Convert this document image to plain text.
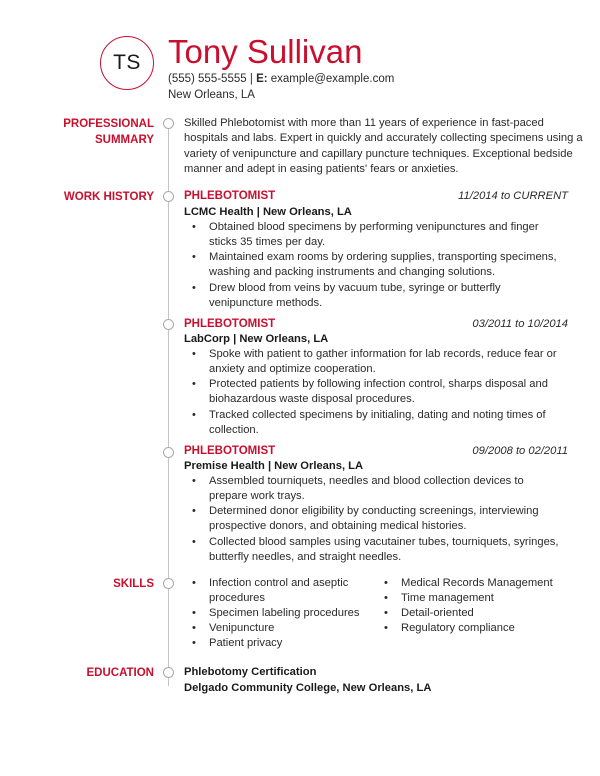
TS Tony Sullivan
(555) 555-5555 | E: example@example.com
New Orleans, LA
PROFESSIONAL
SUMMARY
Skilled Phlebotomist with more than 11 years of experience in fast-paced
hospitals and labs. Expert in quickly and accurately collecting specimens using a
variety of venipuncture and capillary puncture techniques. Exceptional bedside
manner and adept in easing patients' fears or anxieties.
WORK HISTORY	PHLEBOTOMIST	11/2014 to CURRENT
LCMC Health | New Orleans, LA
• Obtained blood specimens by performing venipunctures and finger sticks 35 times per day.
• Maintained exam rooms by ordering supplies, transporting specimens, washing and packing instruments and changing solutions.
• Drew blood from veins by vacuum tube, syringe or butterfly venipuncture methods.
PHLEBOTOMIST	03/2011 to 10/2014
LabCorp | New Orleans, LA
• Spoke with patient to gather information for lab records, reduce fear or anxiety and optimize cooperation.
• Protected patients by following infection control, sharps disposal and biohazardous waste disposal procedures.
• Tracked collected specimens by initialing, dating and noting times of collection.
PHLEBOTOMIST	09/2008 to 02/2011
Premise Health | New Orleans, LA
• Assembled tourniquets, needles and blood collection devices to prepare work trays.
• Determined donor eligibility by conducting screenings, interviewing prospective donors, and obtaining medical histories.
• Collected blood samples using vacutainer tubes, tourniquets, syringes, butterfly needles, and straight needles.
SKILLS	• Infection control and aseptic procedures
• Specimen labeling procedures
• Venipuncture
• Patient privacy
• Medical Records Management
• Time management
• Detail-oriented
• Regulatory compliance
EDUCATION	Phlebotomy Certification
Delgado Community College, New Orleans, LA
